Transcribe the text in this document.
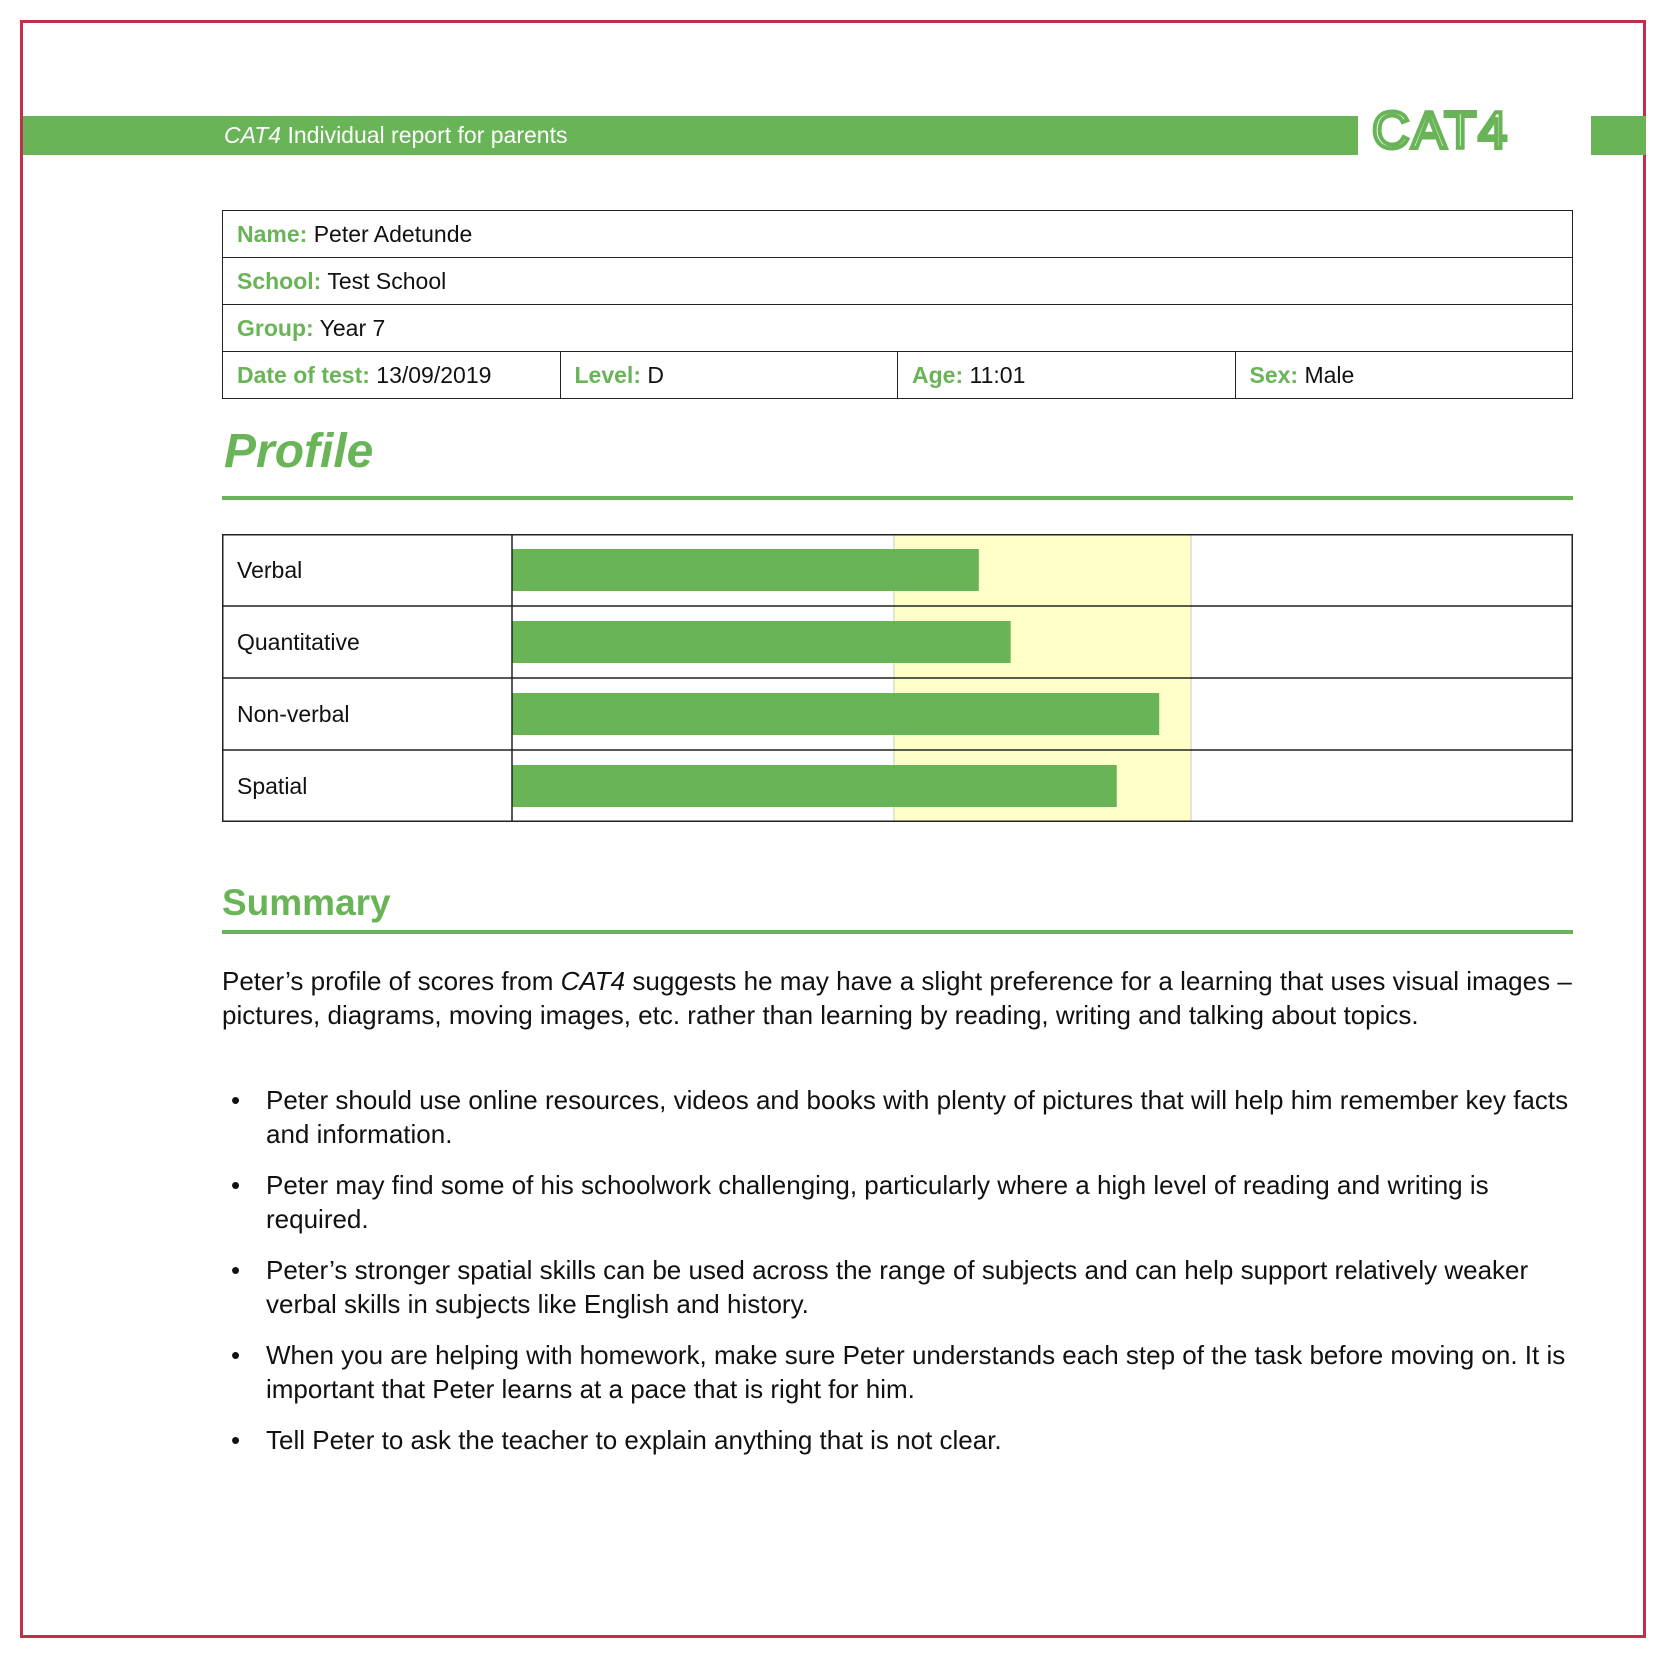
CAT4 Individual report for parents	CAT4
Name: Peter Adetunde
School: Test School
Group: Year 7
Date of test: 13/09/2019	Level: D	Age: 11:01	Sex: Male
Profile
Verbal
Quantitative
Non-verbal
Spatial
Summary

Peter’s profile of scores from CAT4 suggests he may have a slight preference for a learning that uses visual images – pictures, diagrams, moving images, etc. rather than learning by reading, writing and talking about topics.

• Peter should use online resources, videos and books with plenty of pictures that will help him remember key facts and information.
• Peter may find some of his schoolwork challenging, particularly where a high level of reading and writing is required.
• Peter’s stronger spatial skills can be used across the range of subjects and can help support relatively weaker verbal skills in subjects like English and history.
• When you are helping with homework, make sure Peter understands each step of the task before moving on. It is important that Peter learns at a pace that is right for him.
• Tell Peter to ask the teacher to explain anything that is not clear.
